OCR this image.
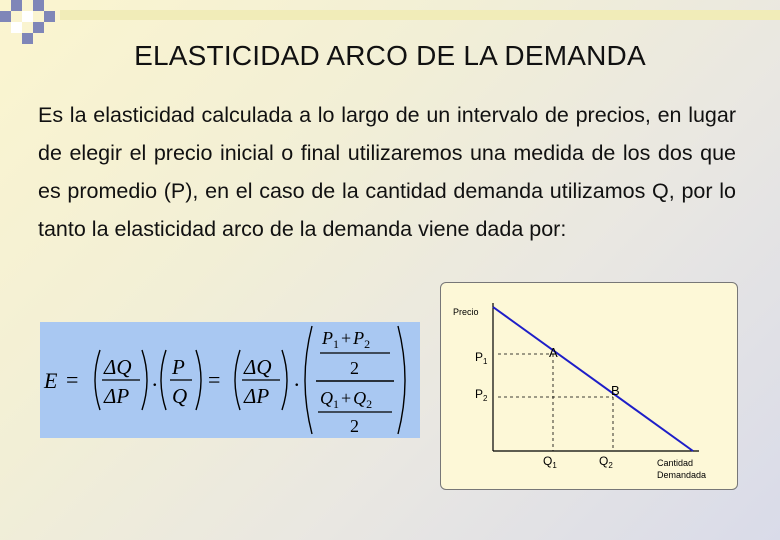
ELASTICIDAD ARCO DE LA DEMANDA
Es la elasticidad calculada a lo largo de un intervalo de precios, en lugar de elegir el precio inicial o final utilizaremos una medida de los dos que es promedio (P), en el caso de la cantidad demanda utilizamos Q, por lo tanto la elasticidad arco de la demanda viene dada por:
E = ΔQ
ΔP
. P
Q
= ΔQ
ΔP
.
$P_1 + P_2$
2
$Q_1 + Q_2$
2
Precio
$P_1$
$P_2$
A
B
$Q_1$	$Q_2$	Cantidad
Demandada
